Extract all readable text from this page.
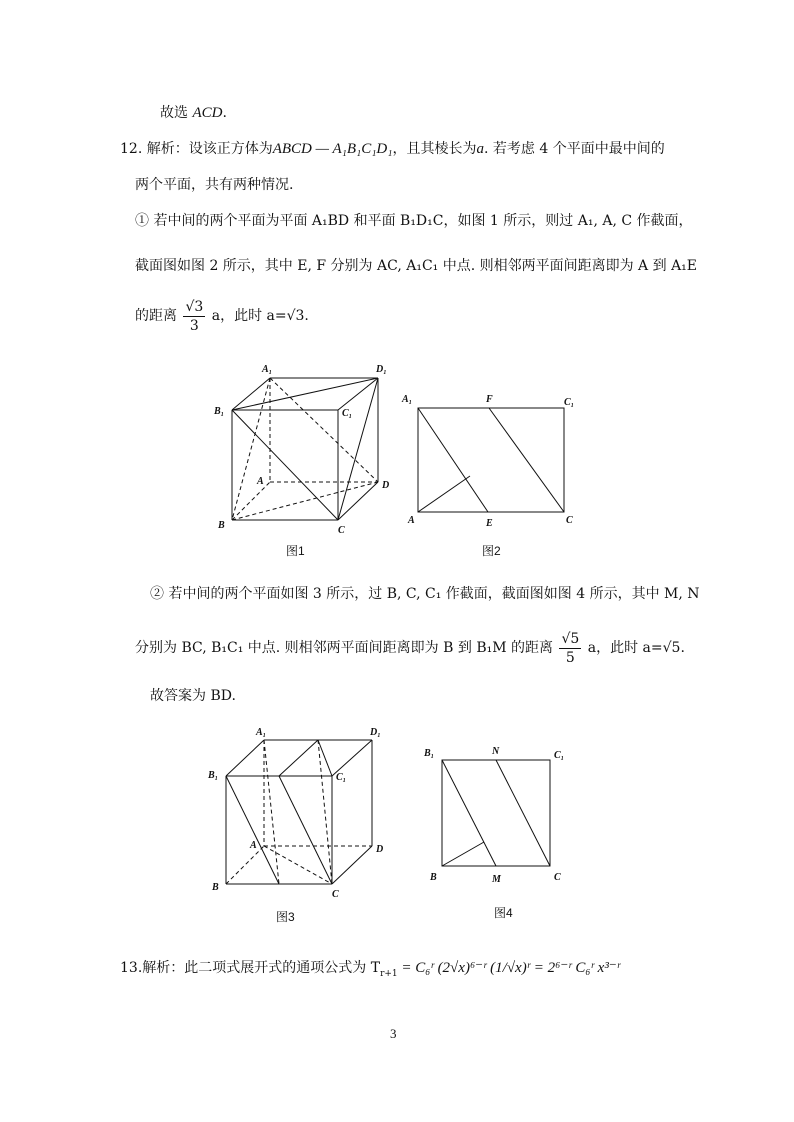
故选 ACD.
12. 解析：设该正方体为ABCD — A₁B₁C₁D₁，且其棱长为a. 若考虑 4 个平面中最中间的
两个平面，共有两种情况.
① 若中间的两个平面为平面 A₁BD 和平面 B₁D₁C，如图 1 所示，则过 A₁, A, C 作截面，
截面图如图 2 所示，其中 E, F 分别为 AC, A₁C₁ 中点. 则相邻两平面间距离即为 A 到 A₁E
的距离 $\frac{√3}{3}$ a，此时 a=√3.
A₁	D₁
B₁	C₁
A	D
B	C
图1
A₁	F	C₁
A	E	C
图2
② 若中间的两个平面如图 3 所示，过 B, C, C₁ 作截面，截面图如图 4 所示，其中 M, N
分别为 BC, B₁C₁ 中点. 则相邻两平面间距离即为 B 到 B₁M 的距离 $\frac{√5}{5}$ a，此时 a=√5.
故答案为 BD.
A₁	D₁
B₁	C₁
A	D
B
C
图3
B₁	N	C₁
B	M	C
图4
13.解析：此二项式展开式的通项公式为 $T_{r+1}$ = C₆ʳ (2√x)⁶⁻ʳ (1/√x)ʳ = 2⁶⁻ʳ C₆ʳ x³⁻ʳ
3
